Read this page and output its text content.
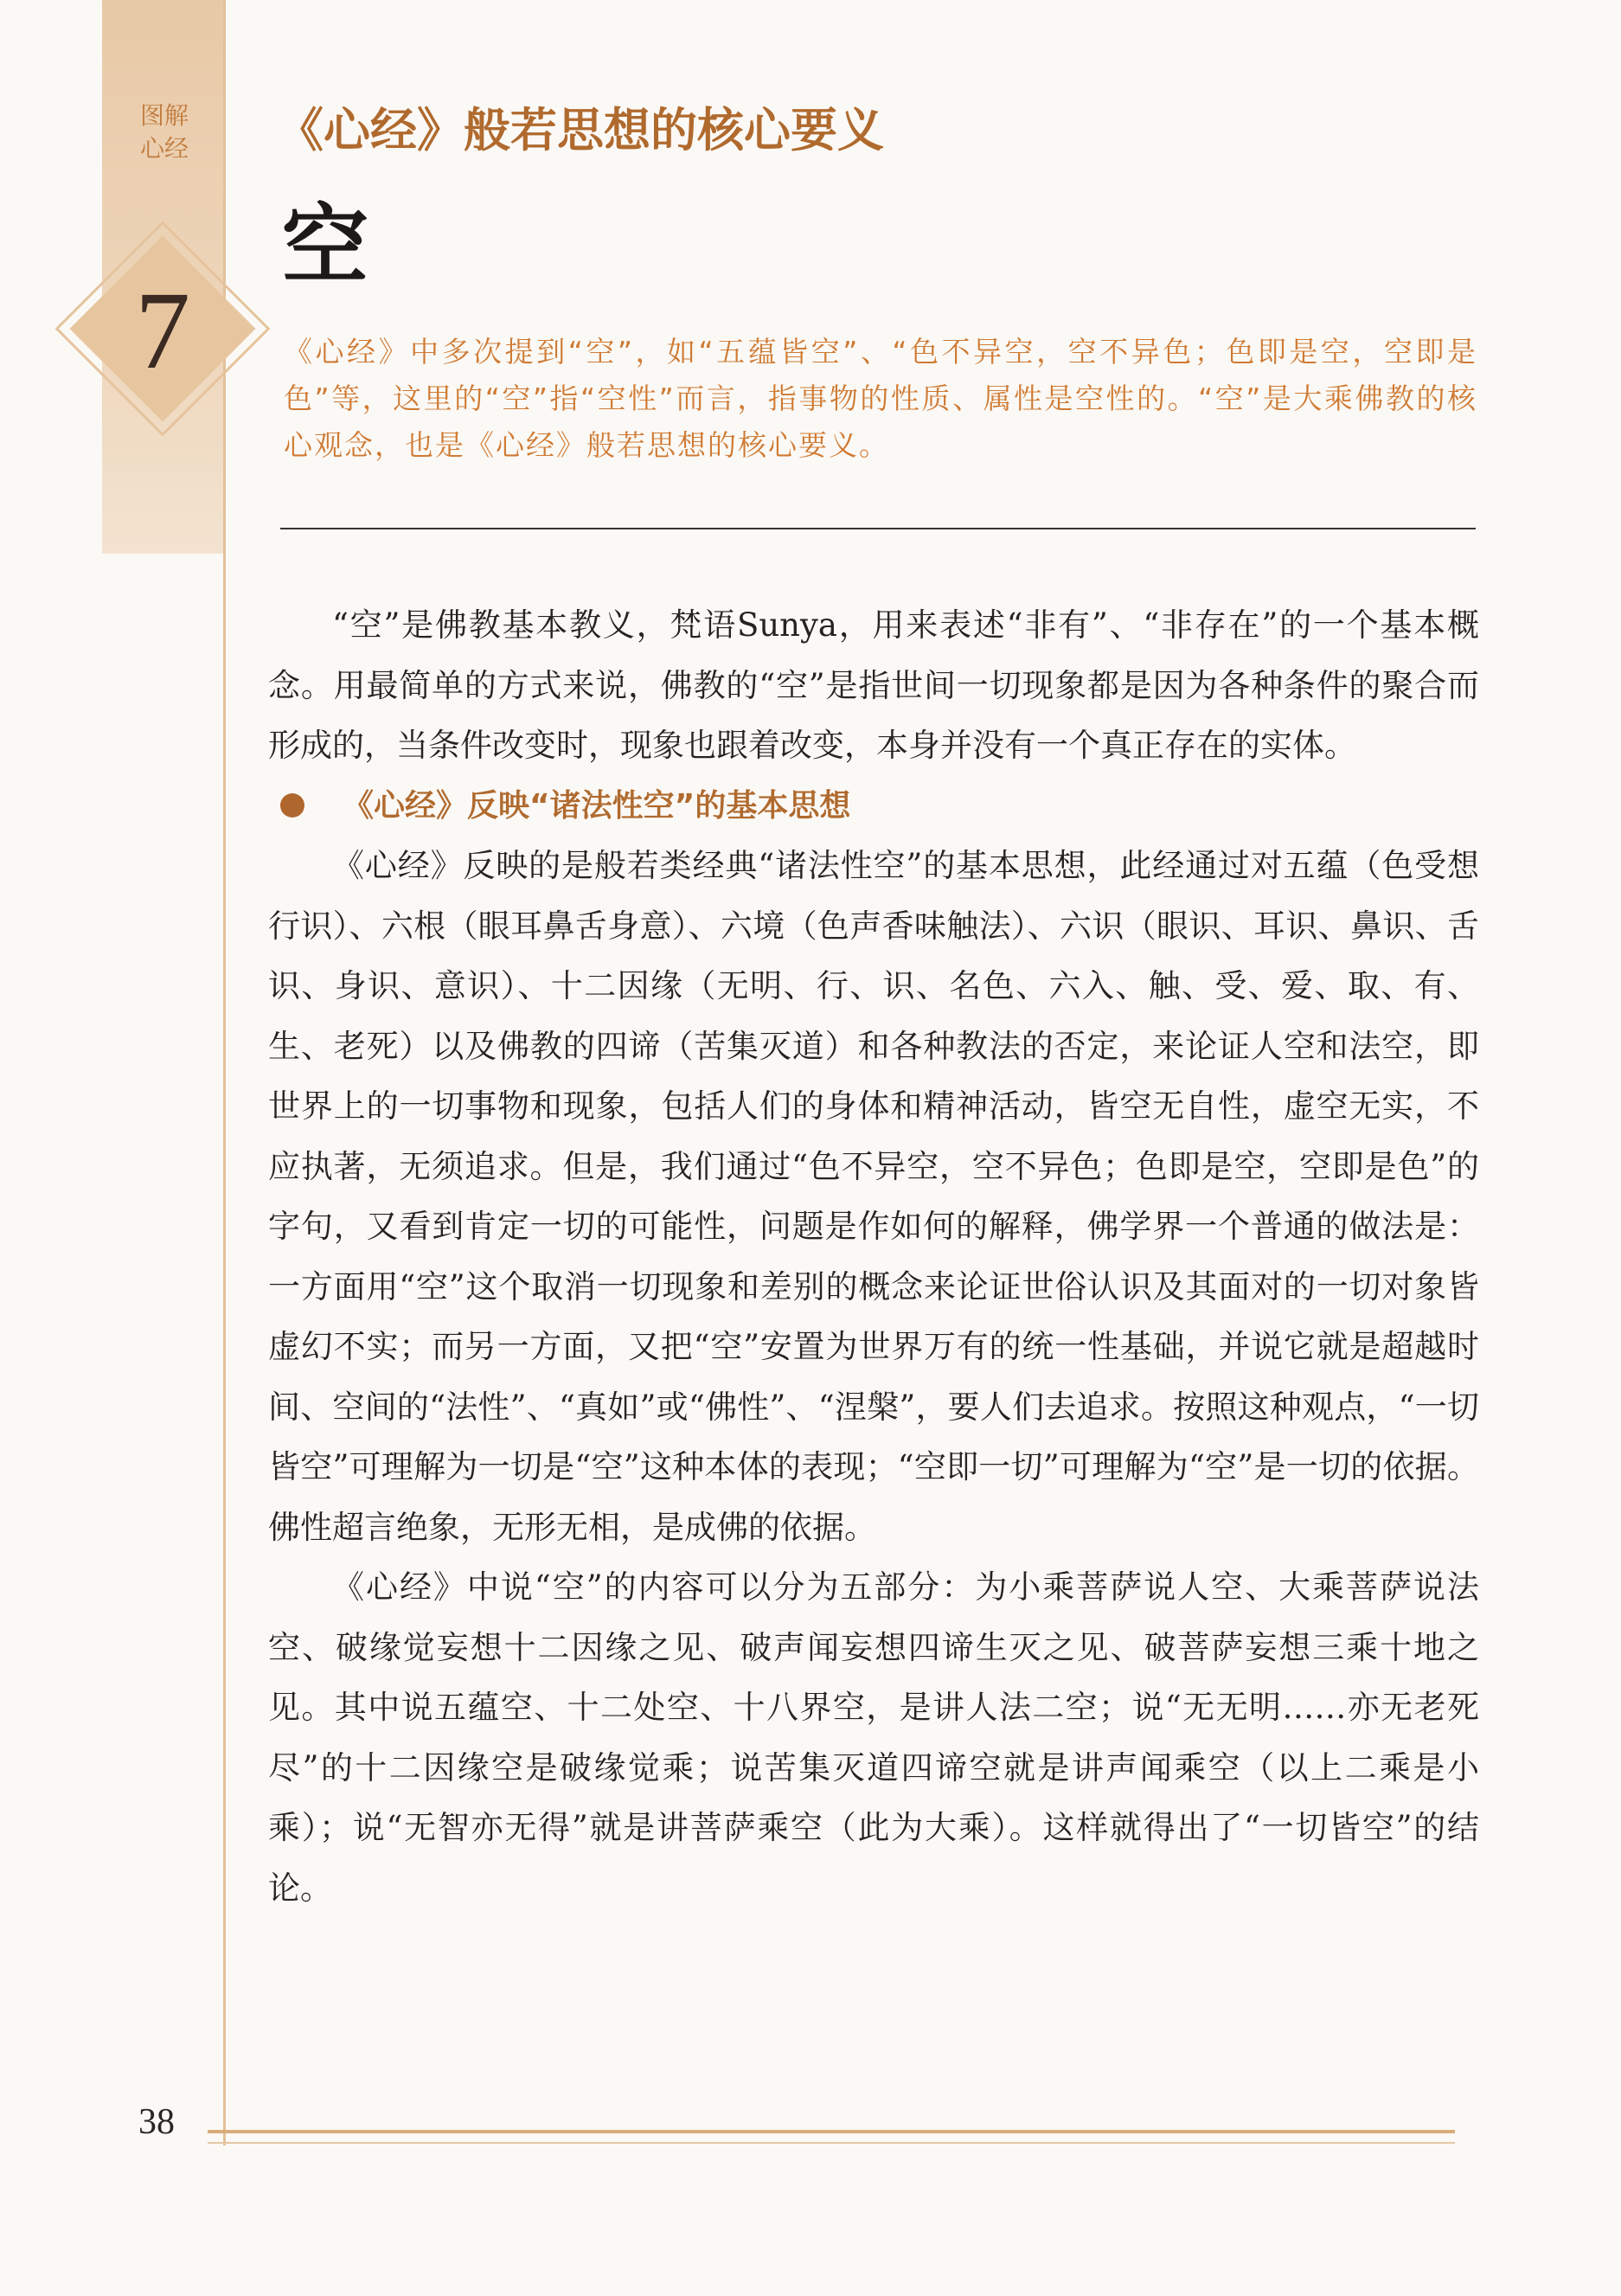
图解心经
7
《心经》般若思想的核心要义
空
《心经》中多次提到“空”，如“五蕴皆空”、“色不异空，空不异色；色即是空，空即是色”等，这里的“空”指“空性”而言，指事物的性质、属性是空性的。“空”是大乘佛教的核心观念，也是《心经》般若思想的核心要义。

“空”是佛教基本教义，梵语Sunya，用来表述“非有”、“非存在”的一个基本概念。用最简单的方式来说，佛教的“空”是指世间一切现象都是因为各种条件的聚合而形成的，当条件改变时，现象也跟着改变，本身并没有一个真正存在的实体。

《心经》反映“诸法性空”的基本思想

《心经》反映的是般若类经典“诸法性空”的基本思想，此经通过对五蕴（色受想行识）、六根（眼耳鼻舌身意）、六境（色声香味触法）、六识（眼识、耳识、鼻识、舌识、身识、意识）、十二因缘（无明、行、识、名色、六入、触、受、爱、取、有、生、老死）以及佛教的四谛（苦集灭道）和各种教法的否定，来论证人空和法空，即世界上的一切事物和现象，包括人们的身体和精神活动，皆空无自性，虚空无实，不应执著，无须追求。但是，我们通过“色不异空，空不异色；色即是空，空即是色”的字句，又看到肯定一切的可能性，问题是作如何的解释，佛学界一个普通的做法是：一方面用“空”这个取消一切现象和差别的概念来论证世俗认识及其面对的一切对象皆虚幻不实；而另一方面，又把“空”安置为世界万有的统一性基础，并说它就是超越时间、空间的“法性”、“真如”或“佛性”、“涅槃”，要人们去追求。按照这种观点，“一切皆空”可理解为一切是“空”这种本体的表现；“空即一切”可理解为“空”是一切的依据。佛性超言绝象，无形无相，是成佛的依据。

《心经》中说“空”的内容可以分为五部分：为小乘菩萨说人空、大乘菩萨说法空、破缘觉妄想十二因缘之见、破声闻妄想四谛生灭之见、破菩萨妄想三乘十地之见。其中说五蕴空、十二处空、十八界空，是讲人法二空；说“无无明……亦无老死尽”的十二因缘空是破缘觉乘；说苦集灭道四谛空就是讲声闻乘空（以上二乘是小乘）；说“无智亦无得”就是讲菩萨乘空（此为大乘）。这样就得出了“一切皆空”的结论。

38
